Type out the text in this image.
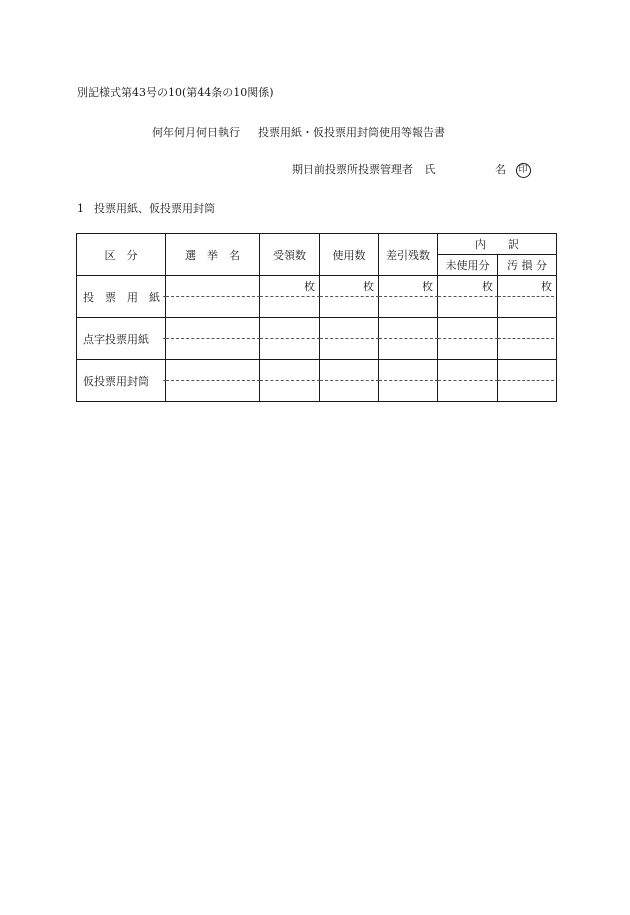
別記様式第43号の10(第44条の10関係)
何年何月何日執行 投票用紙・仮投票用封筒使用等報告書
期日前投票所投票管理者 氏	名 印
1 投票用紙、仮投票用封筒
区　分	選　挙　名	受領数	使用数	差引残数	内　　訳	
					未使用分	汚 損 分
投　票　用　紙		枚	枚	枚	枚	枚

点字投票用紙

仮投票用封筒
